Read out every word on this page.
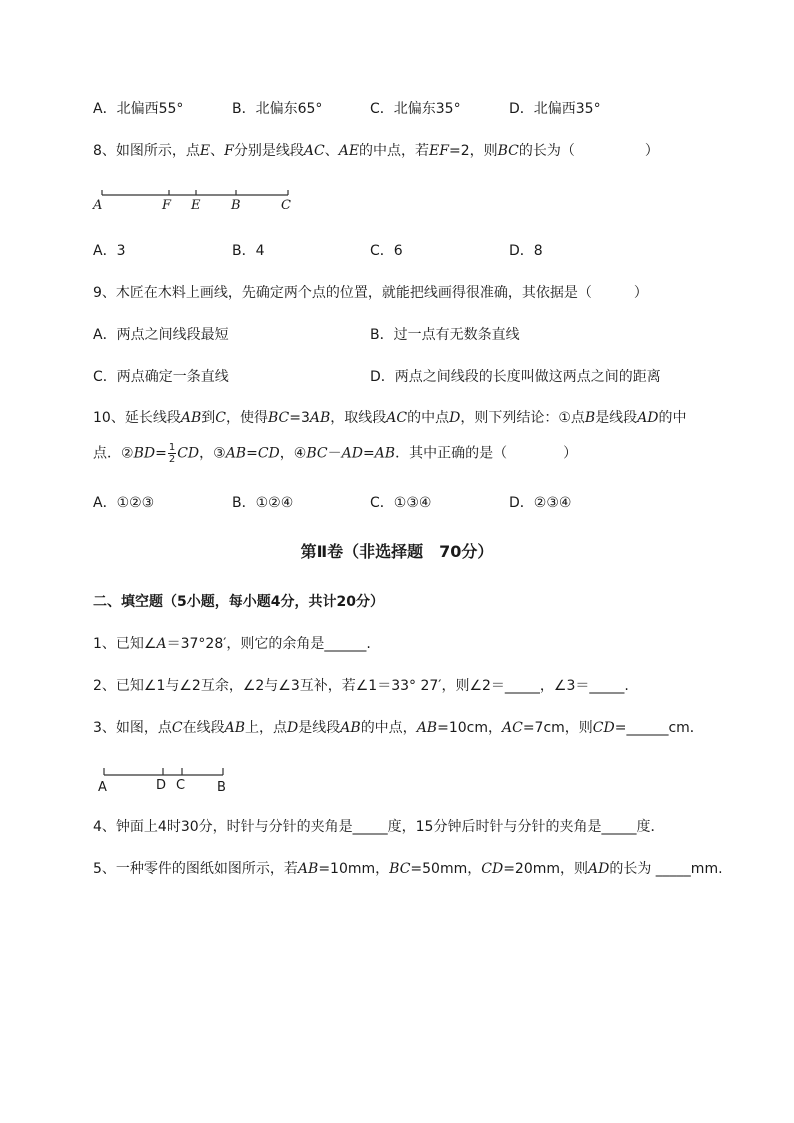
A．北偏西55°	B．北偏东65°	C．北偏东35°	D．北偏西35°
8、如图所示，点E、F分别是线段AC、AE的中点，若EF=2，则BC的长为（　　　　　）
A	F E B	C
A．3	B．4	C．6	D．8
9、木匠在木料上画线，先确定两个点的位置，就能把线画得很准确，其依据是（　　　）
A．两点之间线段最短	B．过一点有无数条直线
C．两点确定一条直线	D．两点之间线段的长度叫做这两点之间的距离
10、延长线段AB到C，使得BC=3AB，取线段AC的中点D，则下列结论：①点B是线段AD的中
点．②BD= $\frac{1}{2}$ CD，③AB=CD，④BC－AD=AB．其中正确的是（　　　　）
A．①②③	B．①②④	C．①③④	D．②③④
第Ⅱ卷（非选择题　70分）
二、填空题（5小题，每小题4分，共计20分）
1、已知∠A＝37°28′，则它的余角是______.
2、已知∠1与∠2互余，∠2与∠3互补，若∠1＝33° 27′，则∠2＝_____，∠3＝_____.
3、如图，点C在线段AB上，点D是线段AB的中点，AB=10cm，AC=7cm，则CD=______cm．
A	D C B
4、钟面上4时30分，时针与分针的夹角是_____度，15分钟后时针与分针的夹角是_____度．
5、一种零件的图纸如图所示，若AB=10mm，BC=50mm，CD=20mm，则AD的长为 _____mm.
